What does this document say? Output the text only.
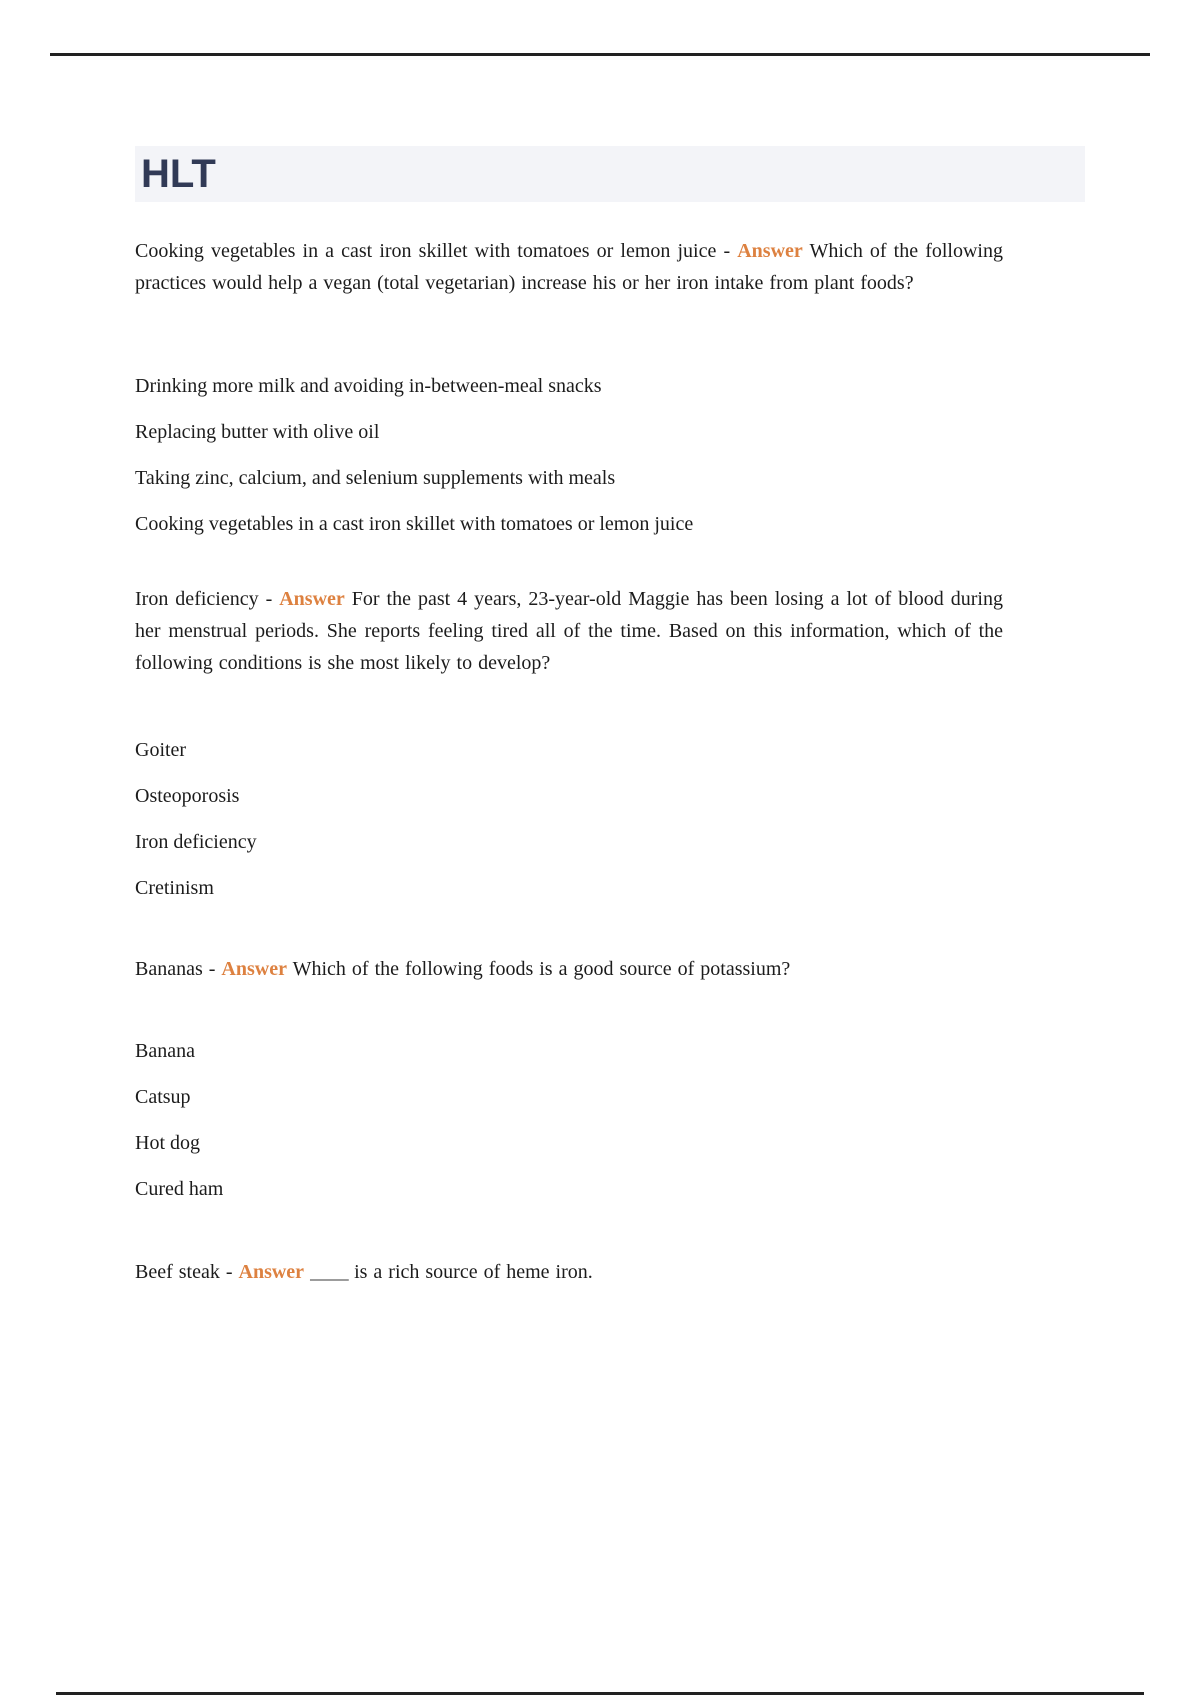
HLT

Cooking vegetables in a cast iron skillet with tomatoes or lemon juice - Answer Which of the following practices would help a vegan (total vegetarian) increase his or her iron intake from plant foods?

Drinking more milk and avoiding in-between-meal snacks
Replacing butter with olive oil
Taking zinc, calcium, and selenium supplements with meals
Cooking vegetables in a cast iron skillet with tomatoes or lemon juice

Iron deficiency - Answer For the past 4 years, 23-year-old Maggie has been losing a lot of blood during her menstrual periods. She reports feeling tired all of the time. Based on this information, which of the following conditions is she most likely to develop?

Goiter
Osteoporosis
Iron deficiency
Cretinism

Bananas - Answer Which of the following foods is a good source of potassium?

Banana
Catsup
Hot dog
Cured ham

Beef steak - Answer ____ is a rich source of heme iron.
